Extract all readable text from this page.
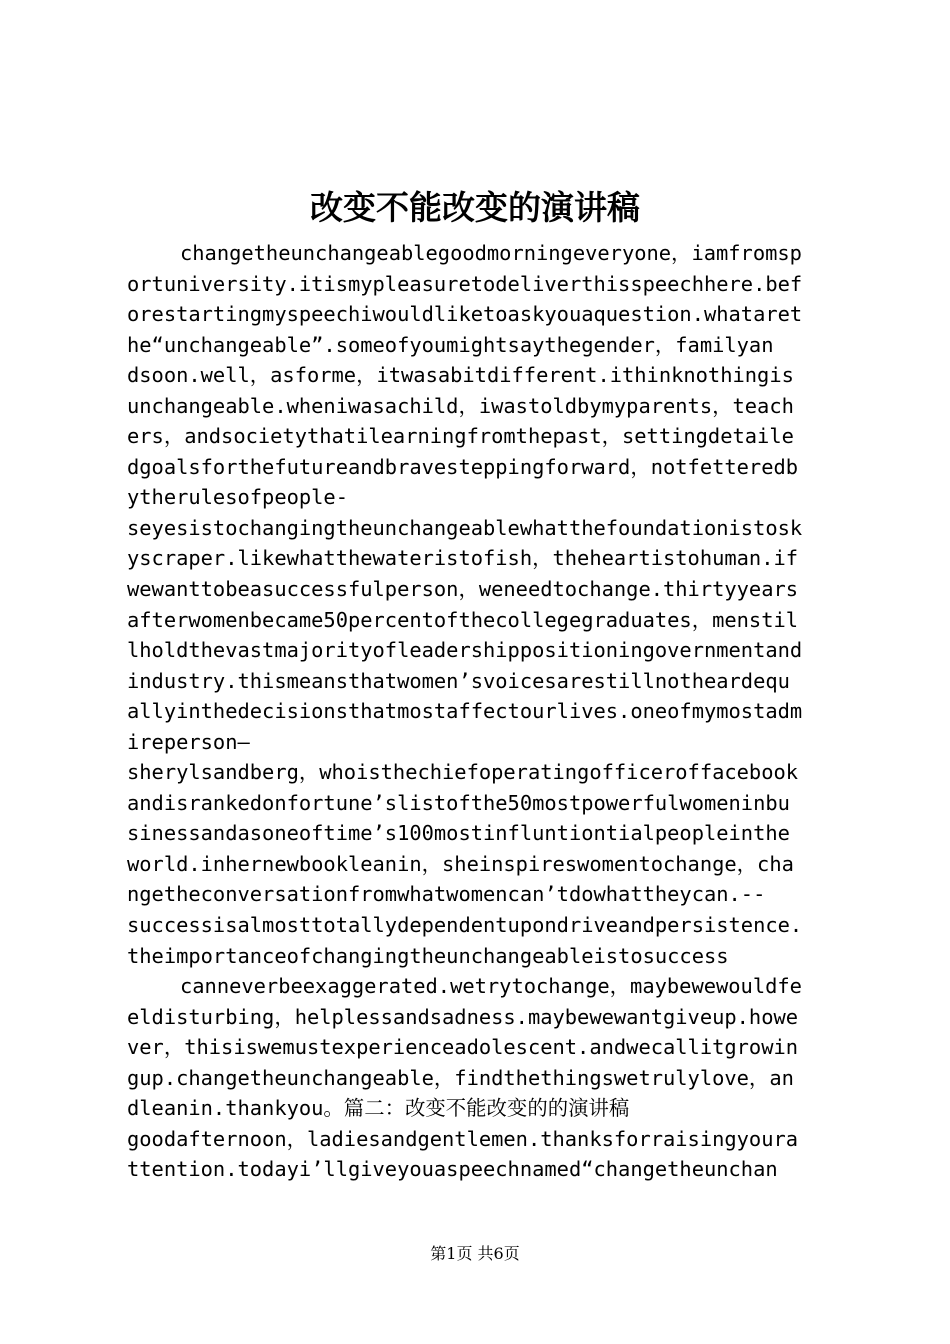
改变不能改变的演讲稿
changetheunchangeablegoodmorningeveryone，iamfromsp
ortuniversity.itismypleasuretodeliverthisspeechhere.bef
orestartingmyspeechiwouldliketoaskyouaquestion.whataret
he“unchangeable”.someofyoumightsaythegender，familyan
dsoon.well，asforme，itwasabitdifferent.ithinknothingis
unchangeable.wheniwasachild，iwastoldbymyparents，teach
ers，andsocietythatilearningfromthepast，settingdetaile
dgoalsforthefutureandbravesteppingforward，notfetteredb
ytherulesofpeople-
seyesistochangingtheunchangeablewhatthefoundationistosk
yscraper.likewhatthewateristofish，theheartistohuman.if
wewanttobeasuccessfulperson，weneedtochange.thirtyyears
afterwomenbecame50percentofthecollegegraduates，menstil
lholdthevastmajorityofleadershippositioningovernmentand
industry.thismeansthatwomen’svoicesarestillnotheardequ
allyinthedecisionsthatmostaffectourlives.oneofmymostadm
ireperson—
sherylsandberg，whoisthechiefoperatingofficeroffacebook
andisrankedonfortune’slistofthe50mostpowerfulwomeninbu
sinessandasoneoftime’s100mostinfluntiontialpeopleinthe
world.inhernewbookleanin，sheinspireswomentochange，cha
ngetheconversationfromwhatwomencan’tdowhattheycan.--
successisalmosttotallydependentupondriveandpersistence.
theimportanceofchangingtheunchangeableistosuccess
canneverbeexaggerated.wetrytochange，maybewewouldfe
eldisturbing，helplessandsadness.maybewewantgiveup.howe
ver，thisiswemustexperienceadolescent.andwecallitgrowin
gup.changetheunchangeable，findthethingswetrulylove，an
dleanin.thankyou。篇二：改变不能改变的的演讲稿
goodafternoon，ladiesandgentlemen.thanksforraisingyoura
ttention.todayi’llgiveyouaspeechnamed“changetheunchan
第1页 共6页
